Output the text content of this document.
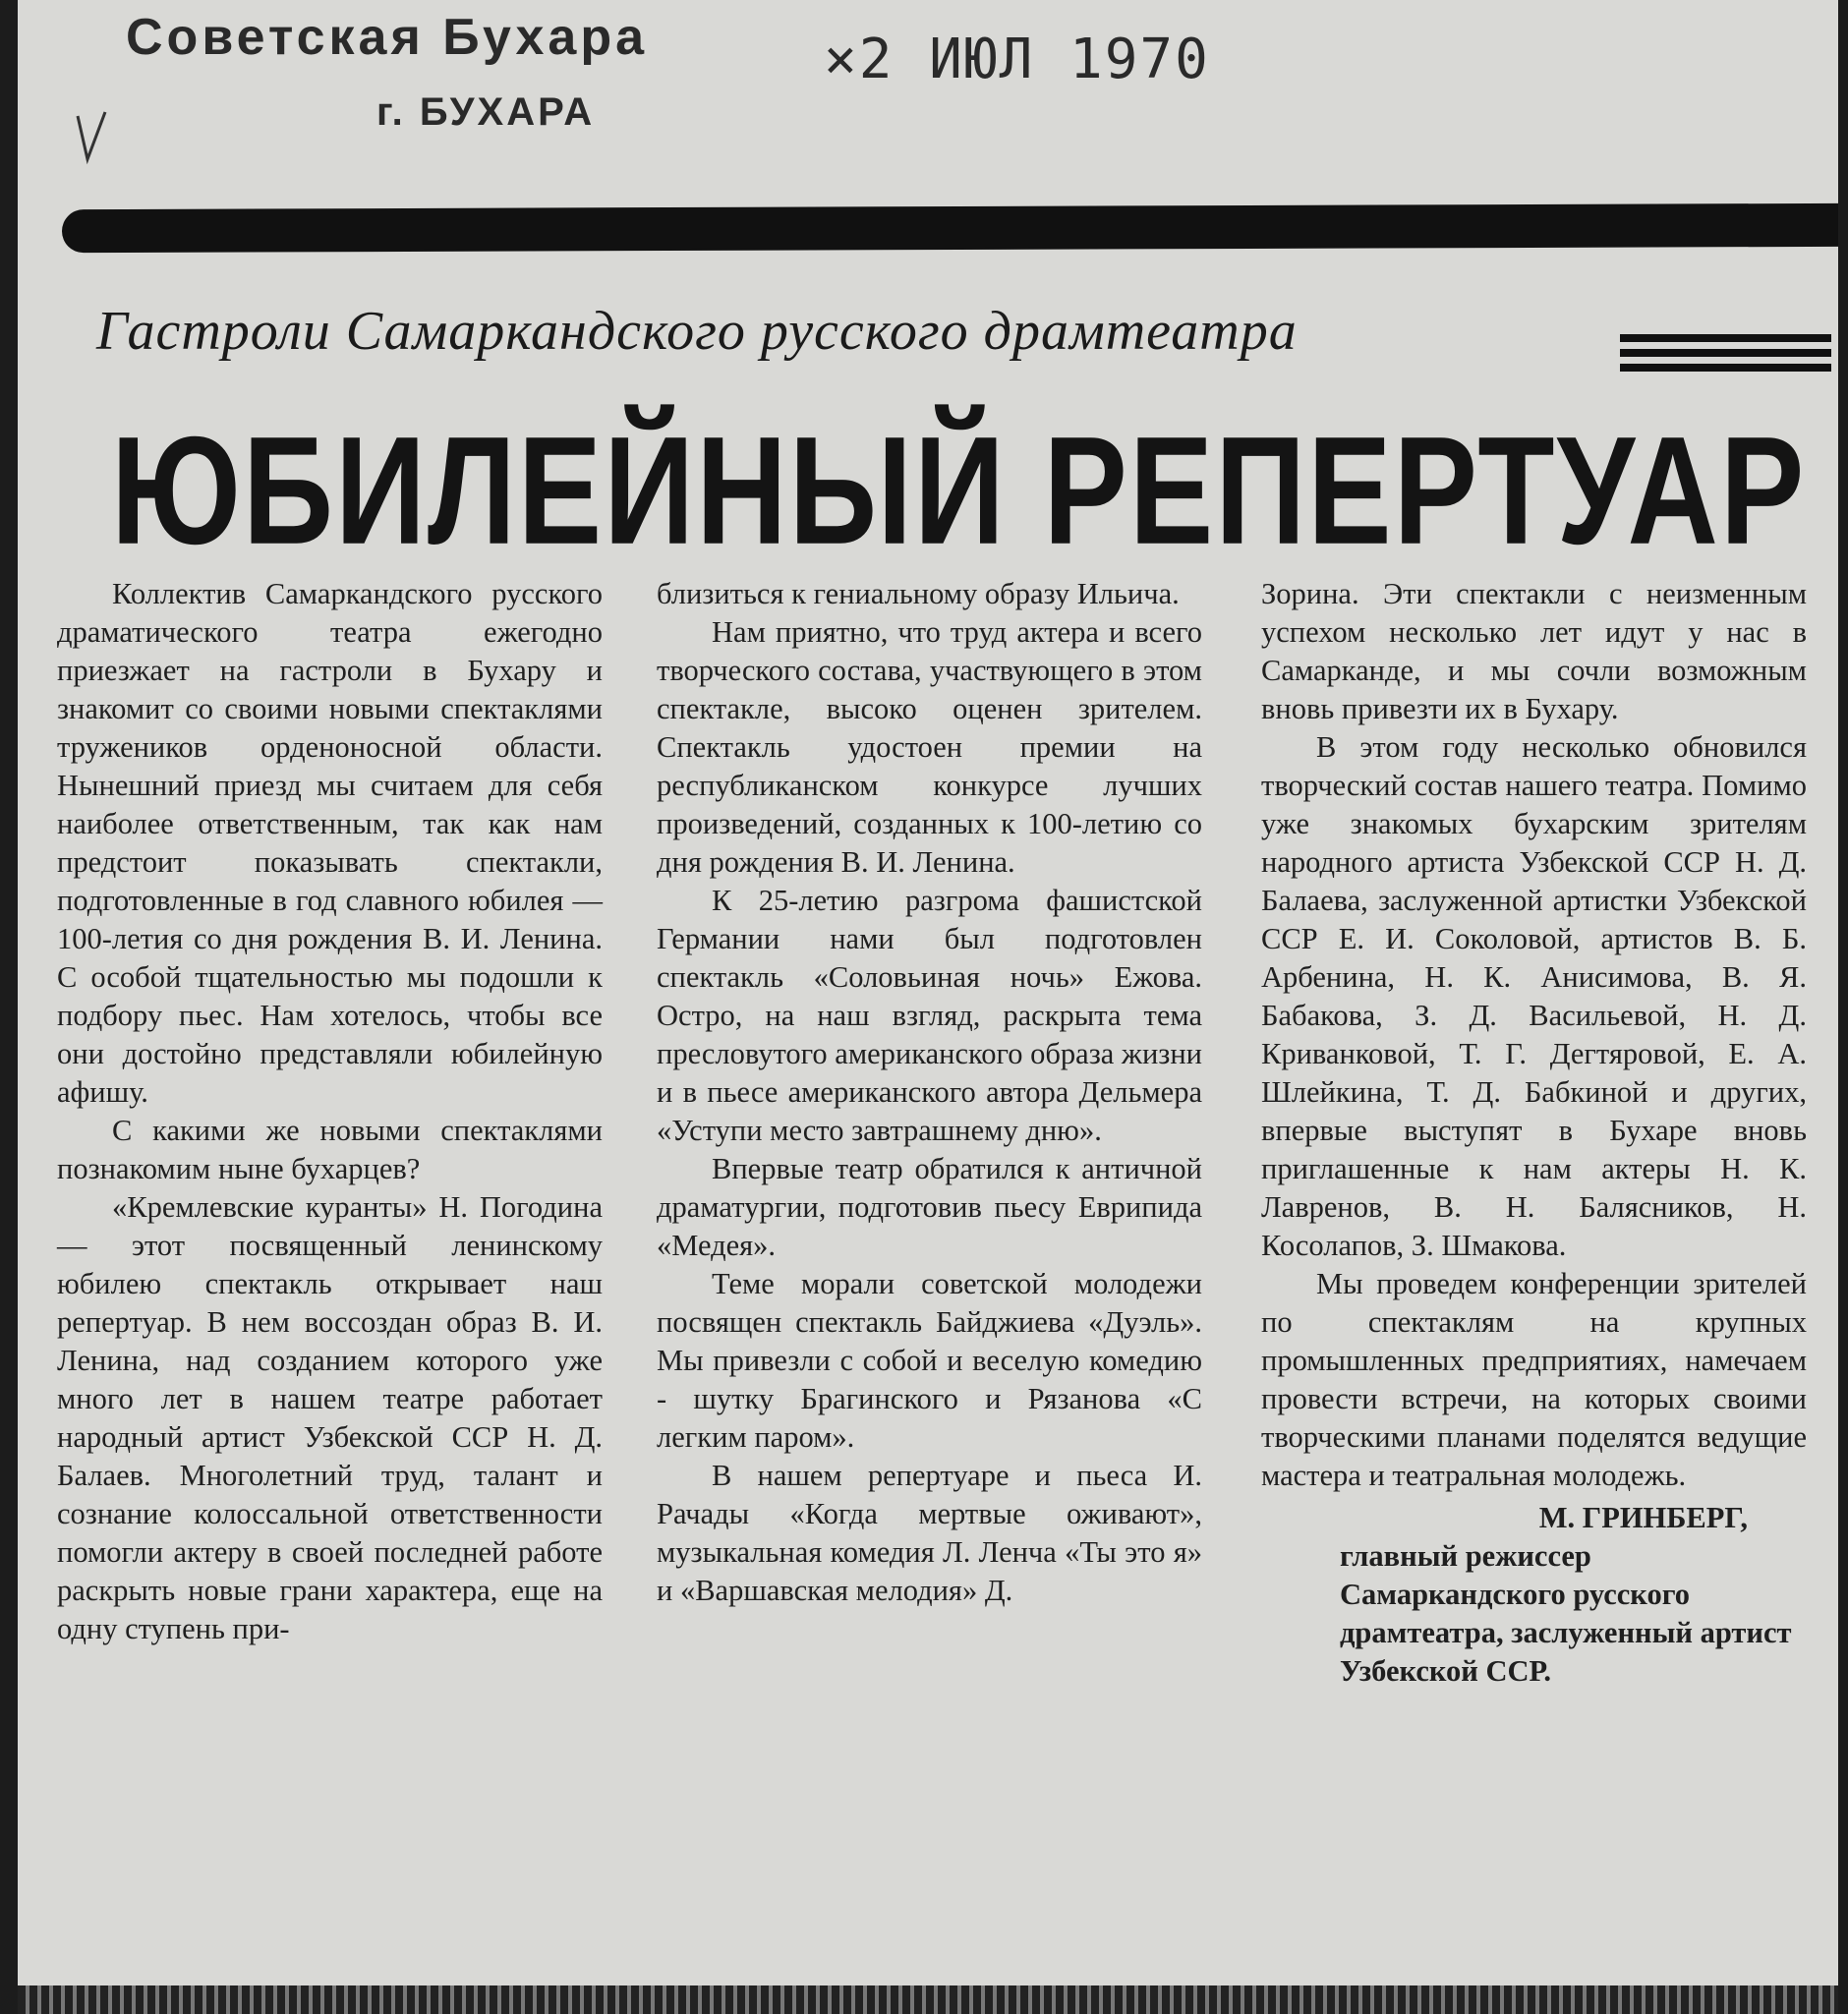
Советская Бухара
г. БУХАРА
×2 ИЮЛ 1970
Гастроли Самаркандского русского драмтеатра
ЮБИЛЕЙНЫЙ РЕПЕРТУАР

Коллектив Самаркандского русского драматического театра ежегодно приезжает на гастроли в Бухару и знакомит со своими новыми спектаклями тружеников орденоносной области. Нынешний приезд мы считаем для себя наиболее ответственным, так как нам предстоит показывать спектакли, подготовленные в год славного юбилея — 100-летия со дня рождения В. И. Ленина. С особой тщательностью мы подошли к подбору пьес. Нам хотелось, чтобы все они достойно представляли юбилейную афишу.

С какими же новыми спектаклями познакомим ныне бухарцев?

«Кремлевские куранты» Н. Погодина — этот посвященный ленинскому юбилею спектакль открывает наш репертуар. В нем воссоздан образ В. И. Ленина, над созданием которого уже много лет в нашем театре работает народный артист Узбекской ССР Н. Д. Балаев. Многолетний труд, талант и сознание колоссальной ответственности помогли актеру в своей последней работе раскрыть новые грани характера, еще на одну ступень при-

близиться к гениальному образу Ильича.

Нам приятно, что труд актера и всего творческого состава, участвующего в этом спектакле, высоко оценен зрителем. Спектакль удостоен премии на республиканском конкурсе лучших произведений, созданных к 100-летию со дня рождения В. И. Ленина.

К 25-летию разгрома фашистской Германии нами был подготовлен спектакль «Соловьиная ночь» Ежова. Остро, на наш взгляд, раскрыта тема пресловутого американского образа жизни и в пьесе американского автора Дельмера «Уступи место завтрашнему дню».

Впервые театр обратился к античной драматургии, подготовив пьесу Еврипида «Медея».

Теме морали советской молодежи посвящен спектакль Байджиева «Дуэль». Мы привезли с собой и веселую комедию - шутку Брагинского и Рязанова «С легким паром».

В нашем репертуаре и пьеса И. Рачады «Когда мертвые оживают», музыкальная комедия Л. Ленча «Ты это я» и «Варшавская мелодия» Д.

Зорина. Эти спектакли с неизменным успехом несколько лет идут у нас в Самарканде, и мы сочли возможным вновь привезти их в Бухару.

В этом году несколько обновился творческий состав нашего театра. Помимо уже знакомых бухарским зрителям народного артиста Узбекской ССР Н. Д. Балаева, заслуженной артистки Узбекской ССР Е. И. Соколовой, артистов В. Б. Арбенина, Н. К. Анисимова, В. Я. Бабакова, З. Д. Васильевой, Н. Д. Криванковой, Т. Г. Дегтяровой, Е. А. Шлейкина, Т. Д. Бабкиной и других, впервые выступят в Бухаре вновь приглашенные к нам актеры Н. К. Лавренов, В. Н. Балясников, Н. Косолапов, З. Шмакова.

Мы проведем конференции зрителей по спектаклям на крупных промышленных предприятиях, намечаем провести встречи, на которых своими творческими планами поделятся ведущие мастера и театральная молодежь.

М. ГРИНБЕРГ,

главный режиссер Самаркандского русского драмтеатра, заслуженный артист Узбекской ССР.
